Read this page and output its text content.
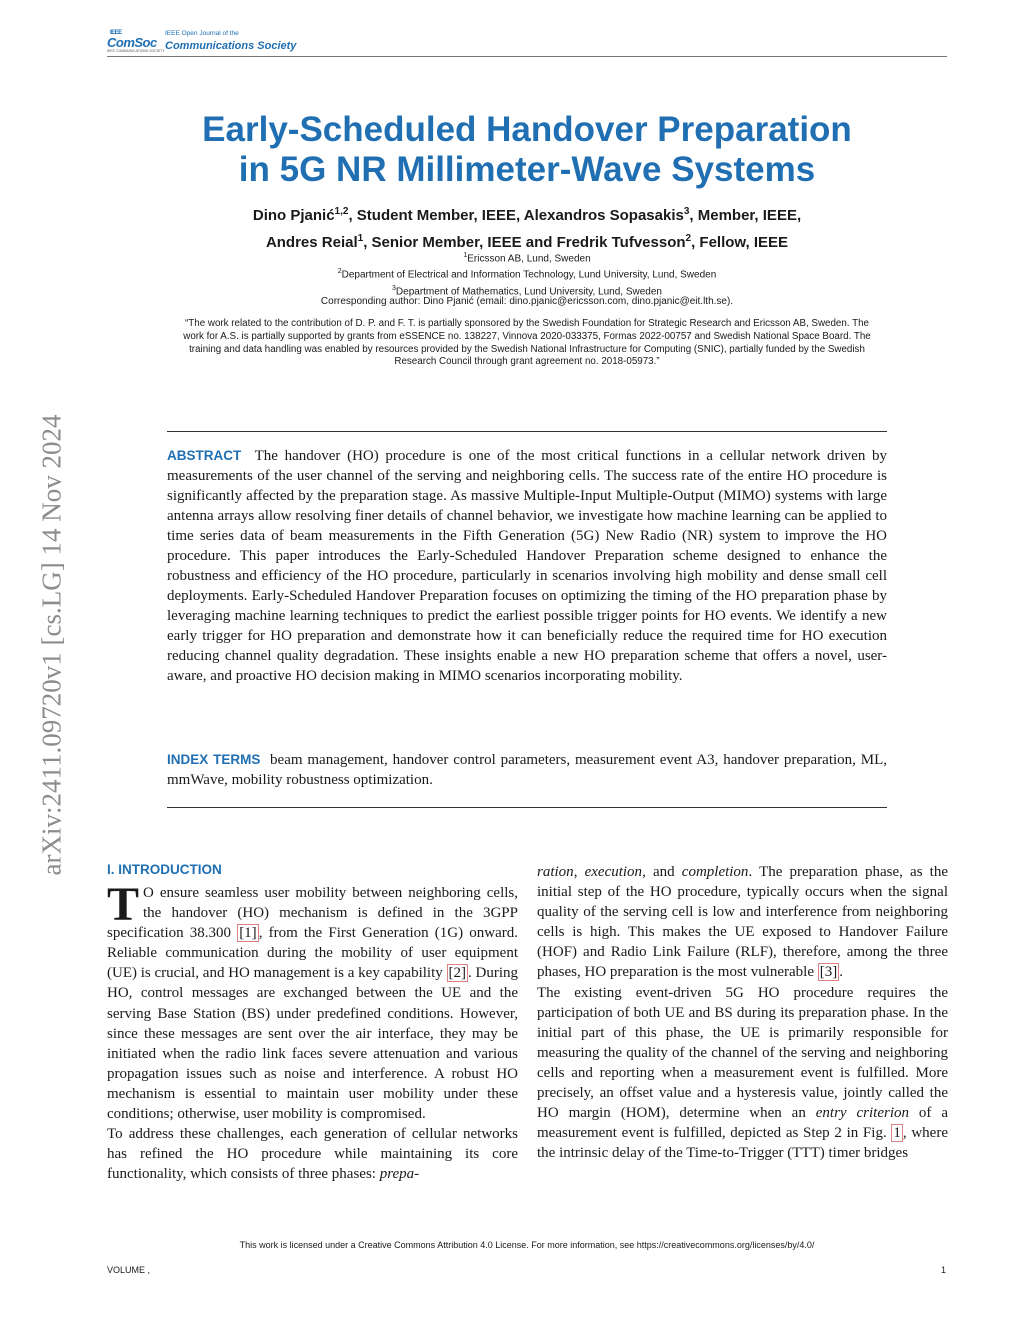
IEEE
ComSoc
IEEE COMMUNICATIONS SOCIETY
IEEE Open Journal of the
Communications Society
arXiv:2411.09720v1 [cs.LG] 14 Nov 2024
Early-Scheduled Handover Preparation
in 5G NR Millimeter-Wave Systems
Dino Pjanić$^{1,2}$, Student Member, IEEE, Alexandros Sopasakis$^3$, Member, IEEE,
Andres Reial$^1$, Senior Member, IEEE and Fredrik Tufvesson$^2$, Fellow, IEEE
$^1$Ericsson AB, Lund, Sweden
$^2$Department of Electrical and Information Technology, Lund University, Lund, Sweden
$^3$Department of Mathematics, Lund University, Lund, Sweden
Corresponding author: Dino Pjanić (email: dino.pjanic@ericsson.com, dino.pjanic@eit.lth.se).
“The work related to the contribution of D. P. and F. T. is partially sponsored by the Swedish Foundation for Strategic Research and Ericsson AB, Sweden. The work for A.S. is partially supported by grants from eSSENCE no. 138227, Vinnova 2020-033375, Formas 2022-00757 and Swedish National Space Board. The training and data handling was enabled by resources provided by the Swedish National Infrastructure for Computing (SNIC), partially funded by the Swedish Research Council through grant agreement no. 2018-05973.”
ABSTRACT The handover (HO) procedure is one of the most critical functions in a cellular network driven by measurements of the user channel of the serving and neighboring cells. The success rate of the entire HO procedure is significantly affected by the preparation stage. As massive Multiple-Input Multiple-Output (MIMO) systems with large antenna arrays allow resolving finer details of channel behavior, we investigate how machine learning can be applied to time series data of beam measurements in the Fifth Generation (5G) New Radio (NR) system to improve the HO procedure. This paper introduces the Early-Scheduled Handover Preparation scheme designed to enhance the robustness and efficiency of the HO procedure, particularly in scenarios involving high mobility and dense small cell deployments. Early-Scheduled Handover Preparation focuses on optimizing the timing of the HO preparation phase by leveraging machine learning techniques to predict the earliest possible trigger points for HO events. We identify a new early trigger for HO preparation and demonstrate how it can beneficially reduce the required time for HO execution reducing channel quality degradation. These insights enable a new HO preparation scheme that offers a novel, user-aware, and proactive HO decision making in MIMO scenarios incorporating mobility.
INDEX TERMS beam management, handover control parameters, measurement event A3, handover preparation, ML, mmWave, mobility robustness optimization.
I. INTRODUCTION

T O ensure seamless user mobility between neighboring cells, the handover (HO) mechanism is defined in the 3GPP specification 38.300 [1] , from the First Generation (1G) onward. Reliable communication during the mobility of user equipment (UE) is crucial, and HO management is a key capability [2] . During HO, control messages are exchanged between the UE and the serving Base Station (BS) under predefined conditions. However, since these messages are sent over the air interface, they may be initiated when the radio link faces severe attenuation and various propagation issues such as noise and interference. A robust HO mechanism is essential to maintain user mobility under these conditions; otherwise, user mobility is compromised.

To address these challenges, each generation of cellular networks has refined the HO procedure while maintaining its core functionality, which consists of three phases: prepa-

ration, execution, and completion. The preparation phase, as the initial step of the HO procedure, typically occurs when the signal quality of the serving cell is low and interference from neighboring cells is high. This makes the UE exposed to Handover Failure (HOF) and Radio Link Failure (RLF), therefore, among the three phases, HO preparation is the most vulnerable [3] .

The existing event-driven 5G HO procedure requires the participation of both UE and BS during its preparation phase. In the initial part of this phase, the UE is primarily responsible for measuring the quality of the channel of the serving and neighboring cells and reporting when a measurement event is fulfilled. More precisely, an offset value and a hysteresis value, jointly called the HO margin (HOM), determine when an entry criterion of a measurement event is fulfilled, depicted as Step 2 in Fig. 1 , where the intrinsic delay of the Time-to-Trigger (TTT) timer bridges

This work is licensed under a Creative Commons Attribution 4.0 License. For more information, see https://creativecommons.org/licenses/by/4.0/
VOLUME ,	1
